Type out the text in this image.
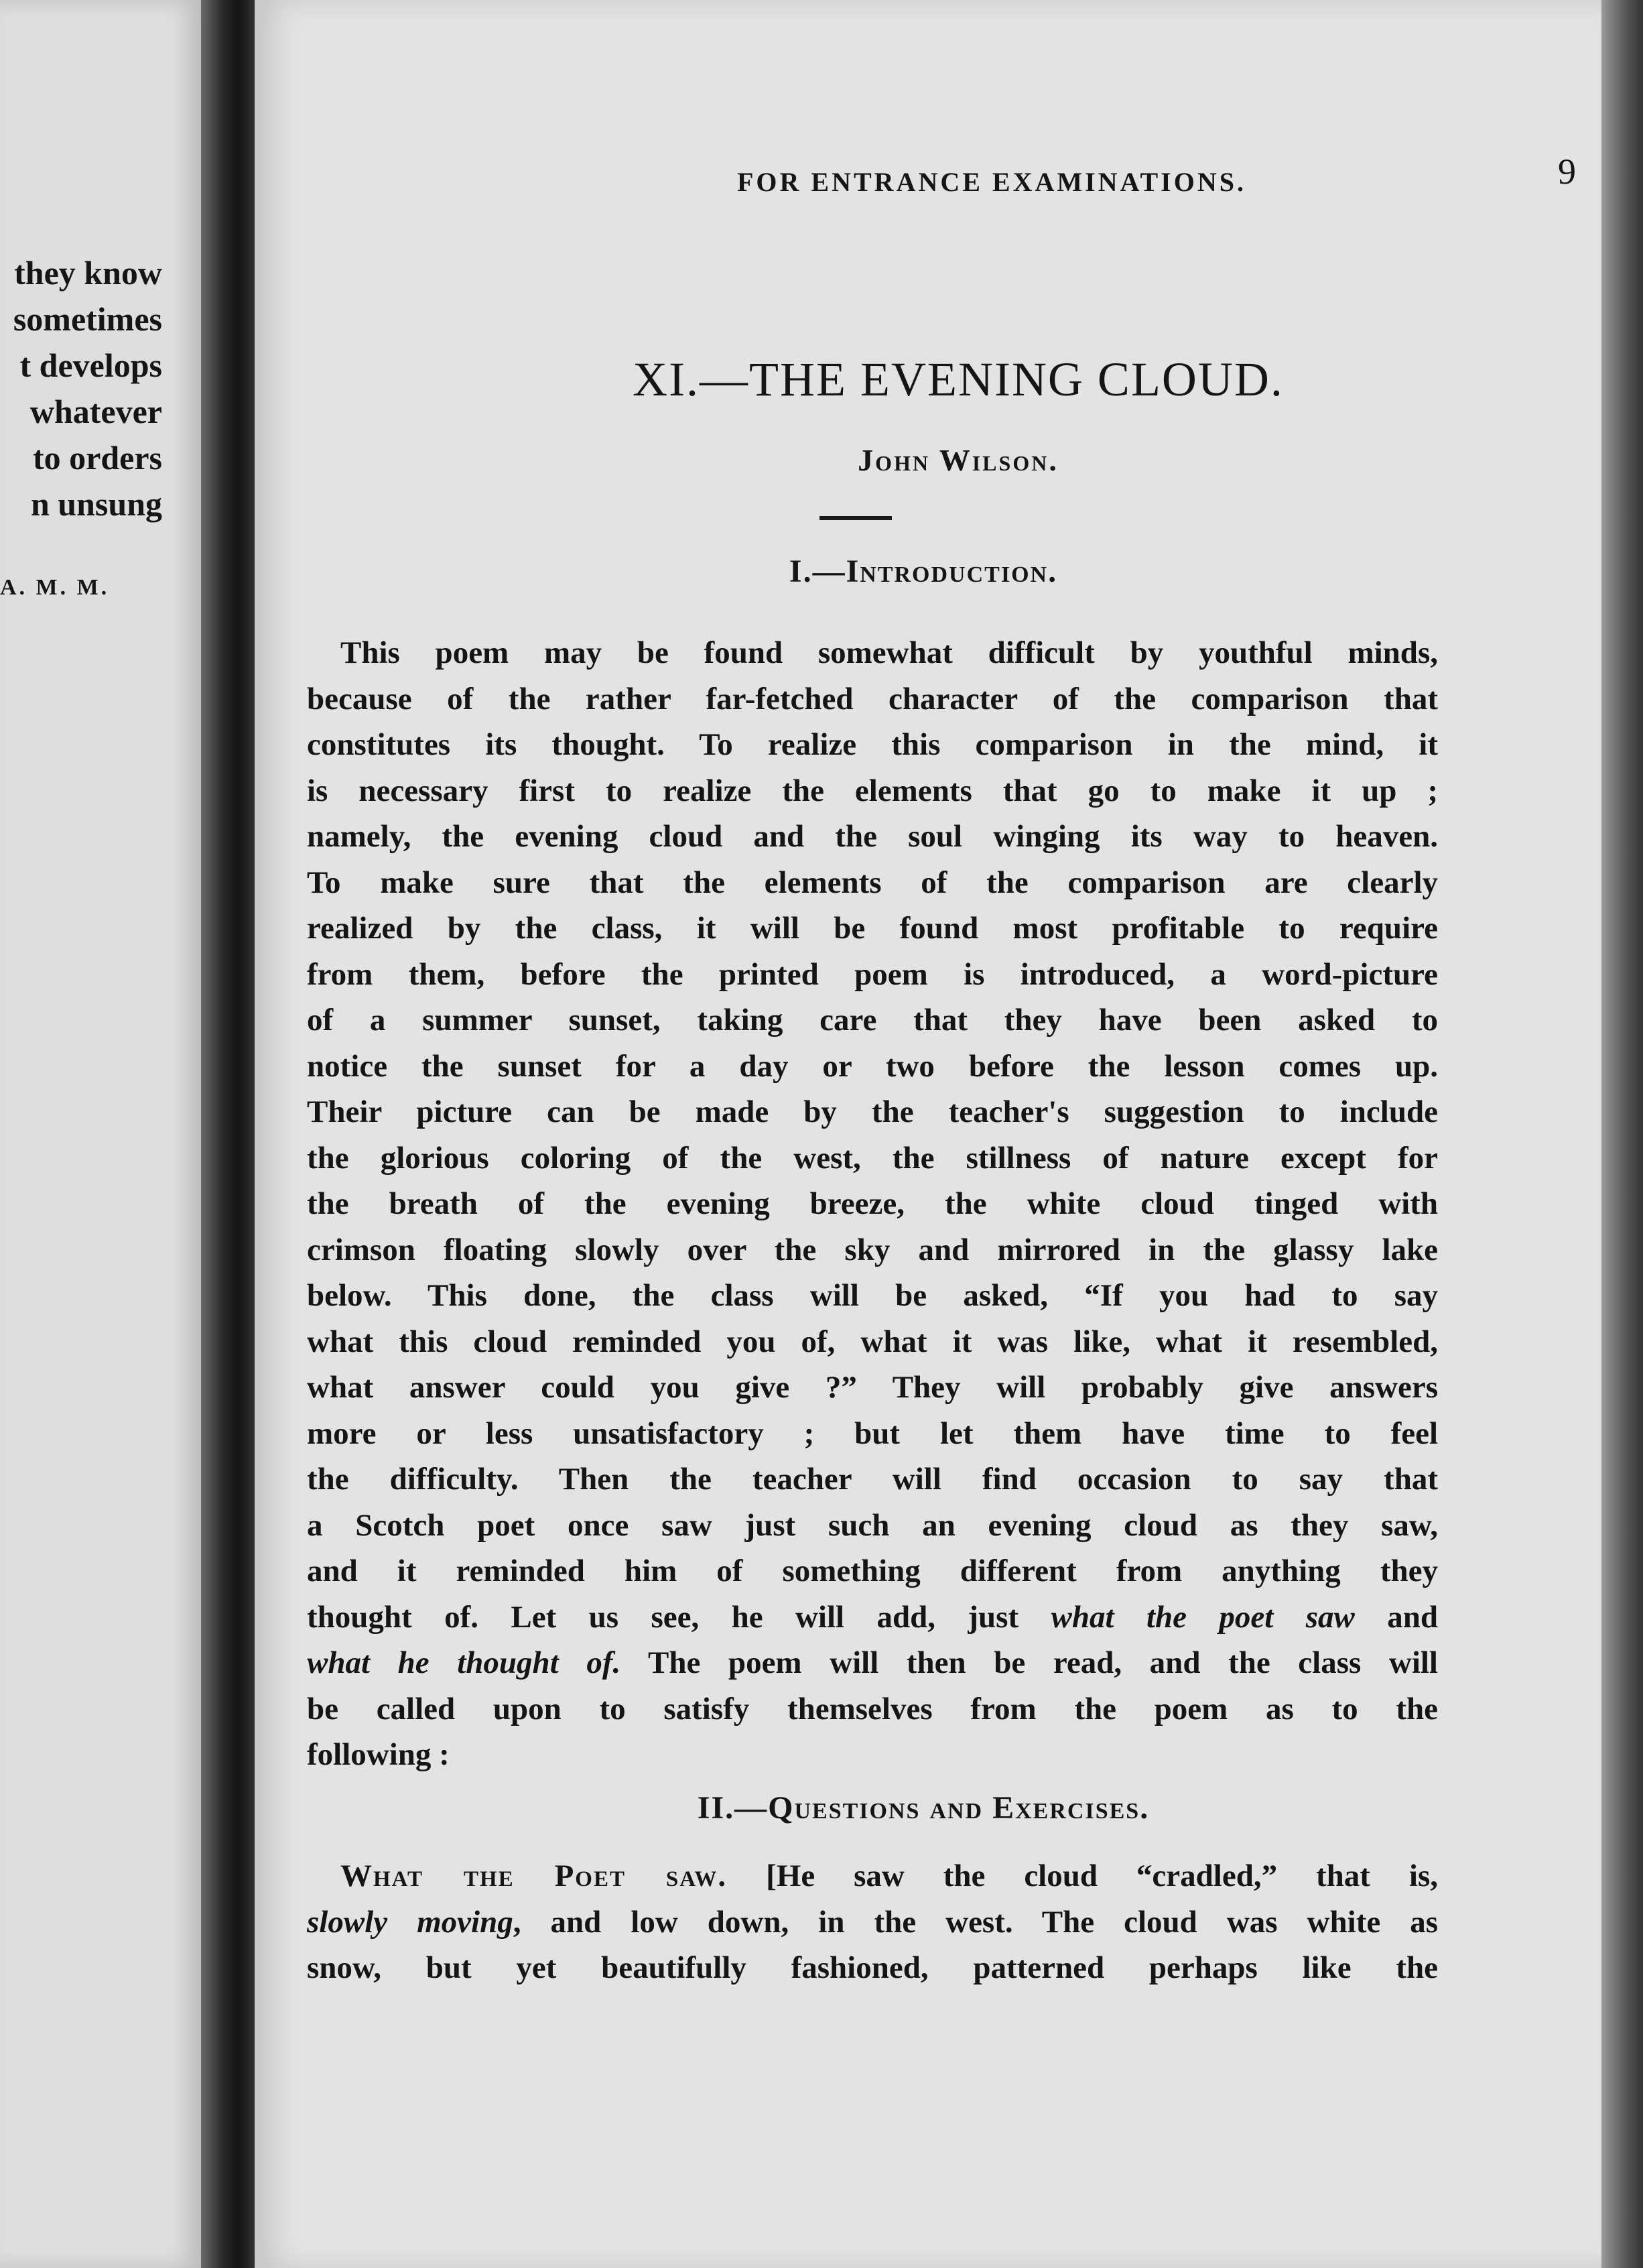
they know
sometimes
t develops
whatever
to orders
n unsung
A. M. M.
FOR ENTRANCE EXAMINATIONS.	9
XI.—THE EVENING CLOUD.
John Wilson.
I.—Introduction.
This poem may be found somewhat difficult by youthful minds,
because of the rather far-fetched character of the comparison that
constitutes its thought. To realize this comparison in the mind, it
is necessary first to realize the elements that go to make it up ;
namely, the evening cloud and the soul winging its way to heaven.
To make sure that the elements of the comparison are clearly
realized by the class, it will be found most profitable to require
from them, before the printed poem is introduced, a word-picture
of a summer sunset, taking care that they have been asked to
notice the sunset for a day or two before the lesson comes up.
Their picture can be made by the teacher's suggestion to include
the glorious coloring of the west, the stillness of nature except for
the breath of the evening breeze, the white cloud tinged with
crimson floating slowly over the sky and mirrored in the glassy lake
below. This done, the class will be asked, “If you had to say
what this cloud reminded you of, what it was like, what it resembled,
what answer could you give ?” They will probably give answers
more or less unsatisfactory ; but let them have time to feel
the difficulty. Then the teacher will find occasion to say that
a Scotch poet once saw just such an evening cloud as they saw,
and it reminded him of something different from anything they
thought of. Let us see, he will add, just what the poet saw and
what he thought of. The poem will then be read, and the class will
be called upon to satisfy themselves from the poem as to the
following :
II.—Questions and Exercises.
What the Poet saw. [He saw the cloud “cradled,” that is,
slowly moving, and low down, in the west. The cloud was white as
snow, but yet beautifully fashioned, patterned perhaps like the
